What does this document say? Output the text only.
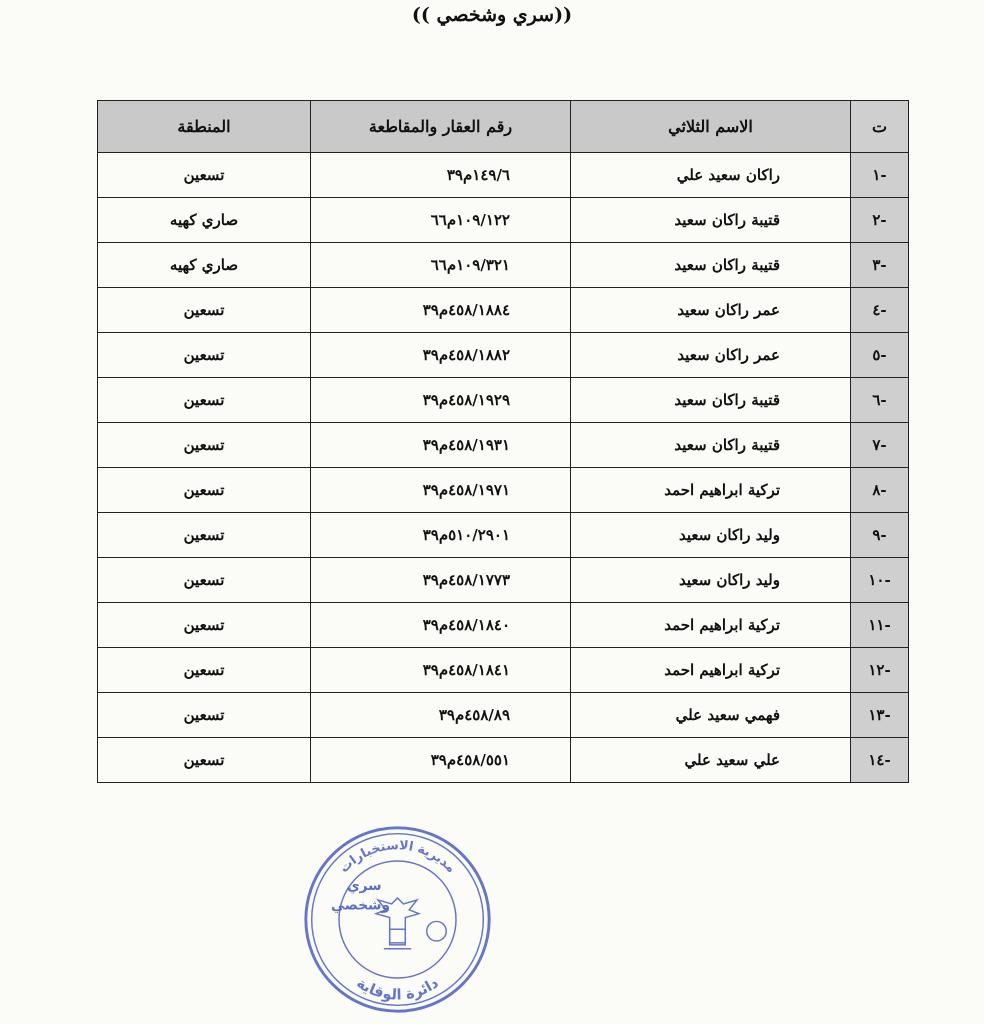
((سري وشخصي ))
ت	الاسم الثلاثي	رقم العقار والمقاطعة	المنطقة
-١	راكان سعيد علي	١٤٩/٦م٣٩	تسعين
-٢	قتيبة راكان سعيد	١٠٩/١٢٢م٦٦	صاري كهيه
-٣	قتيبة راكان سعيد	١٠٩/٣٢١م٦٦	صاري كهيه
-٤	عمر راكان سعيد	٤٥٨/١٨٨٤م٣٩	تسعين
-٥	عمر راكان سعيد	٤٥٨/١٨٨٢م٣٩	تسعين
-٦	قتيبة راكان سعيد	٤٥٨/١٩٢٩م٣٩	تسعين
-٧	قتيبة راكان سعيد	٤٥٨/١٩٣١م٣٩	تسعين
-٨	تركية ابراهيم احمد	٤٥٨/١٩٧١م٣٩	تسعين
-٩	وليد راكان سعيد	٥١٠/٢٩٠١م٣٩	تسعين
-١٠	وليد راكان سعيد	٤٥٨/١٧٧٣م٣٩	تسعين
-١١	تركية ابراهيم احمد	٤٥٨/١٨٤٠م٣٩	تسعين
-١٢	تركية ابراهيم احمد	٤٥٨/١٨٤١م٣٩	تسعين
-١٣	فهمي سعيد علي	٤٥٨/٨٩م٣٩	تسعين
-١٤	علي سعيد علي	٤٥٨/٥٥١م٣٩	تسعين
مديرية الاستخبارات
دائرة الوقاية
سري
وشخصي
